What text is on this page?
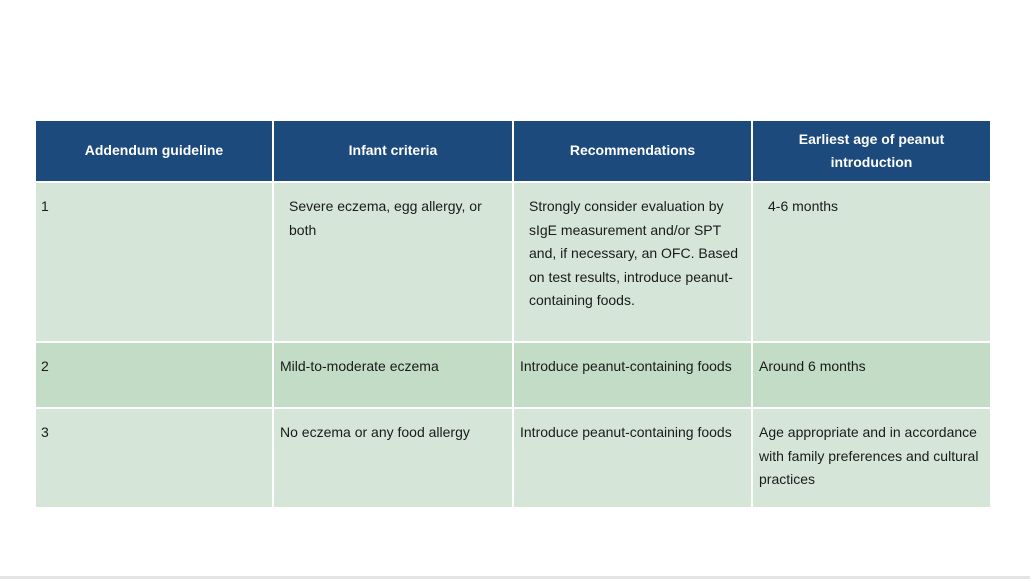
Addendum guideline	Infant criteria	Recommendations	Earliest age of peanut introduction

1	Severe eczema, egg allergy, or both	Strongly consider evaluation by sIgE measurement and/or SPT and, if necessary, an OFC. Based on test results, introduce peanut-containing foods.	4-6 months

2	Mild-to-moderate eczema	Introduce peanut-containing foods	Around 6 months

3	No eczema or any food allergy	Introduce peanut-containing foods	Age appropriate and in accordance with family preferences and cultural practices
